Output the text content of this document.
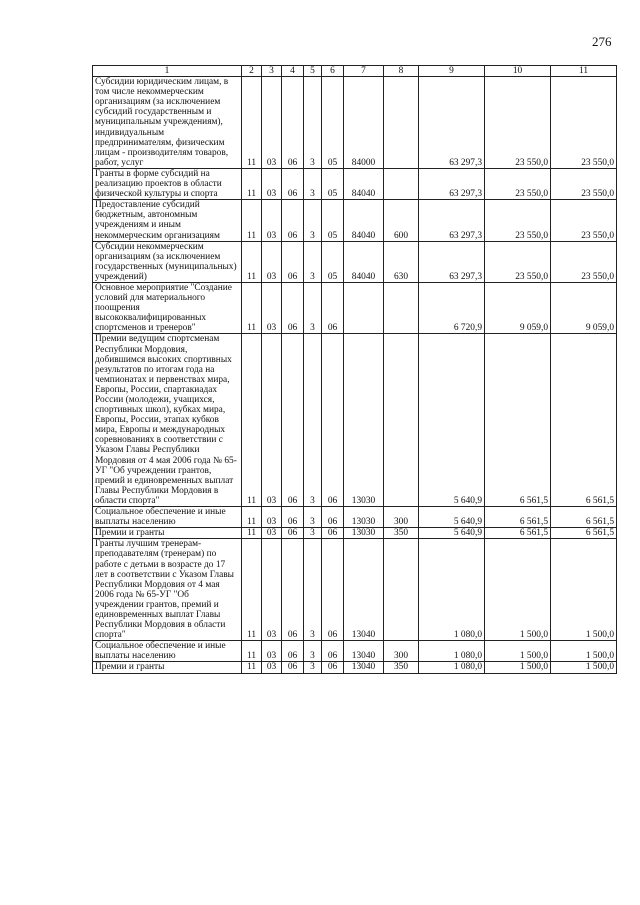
276
1	2	3	4	5	6	7	8	9	10	11
Субсидии юридическим лицам, в том числе некоммерческим организациям (за исключением субсидий государственным и муниципальным учреждениям), индивидуальным предпринимателям, физическим лицам - производителям товаров, работ, услуг	11	03	06	3	05	84000		63 297,3	23 550,0	23 550,0
Гранты в форме субсидий на реализацию проектов в области физической культуры и спорта	11	03	06	3	05	84040		63 297,3	23 550,0	23 550,0
Предоставление субсидий бюджетным, автономным учреждениям и иным некоммерческим организациям	11	03	06	3	05	84040	600	63 297,3	23 550,0	23 550,0
Субсидии некоммерческим организациям (за исключением государственных (муниципальных) учреждений)	11	03	06	3	05	84040	630	63 297,3	23 550,0	23 550,0
Основное мероприятие "Создание условий для материального поощрения высококвалифицированных спортсменов и тренеров"	11	03	06	3	06			6 720,9	9 059,0	9 059,0
Премии ведущим спортсменам Республики Мордовия, добившимся высоких спортивных результатов по итогам года на чемпионатах и первенствах мира, Европы, России, спартакиадах России (молодежи, учащихся, спортивных школ), кубках мира, Европы, России, этапах кубков мира, Европы и международных соревнованиях в соответствии с Указом Главы Республики Мордовия от 4 мая 2006 года № 65-УГ "Об учреждении грантов, премий и единовременных выплат Главы Республики Мордовия в области спорта"	11	03	06	3	06	13030		5 640,9	6 561,5	6 561,5
Социальное обеспечение и иные выплаты населению	11	03	06	3	06	13030	300	5 640,9	6 561,5	6 561,5
Премии и гранты	11	03	06	3	06	13030	350	5 640,9	6 561,5	6 561,5
Гранты лучшим тренерам-преподавателям (тренерам) по работе с детьми в возрасте до 17 лет в соответствии с Указом Главы Республики Мордовия от 4 мая 2006 года № 65-УГ "Об учреждении грантов, премий и единовременных выплат Главы Республики Мордовия в области спорта"	11	03	06	3	06	13040		1 080,0	1 500,0	1 500,0
Социальное обеспечение и иные выплаты населению	11	03	06	3	06	13040	300	1 080,0	1 500,0	1 500,0
Премии и гранты	11	03	06	3	06	13040	350	1 080,0	1 500,0	1 500,0
